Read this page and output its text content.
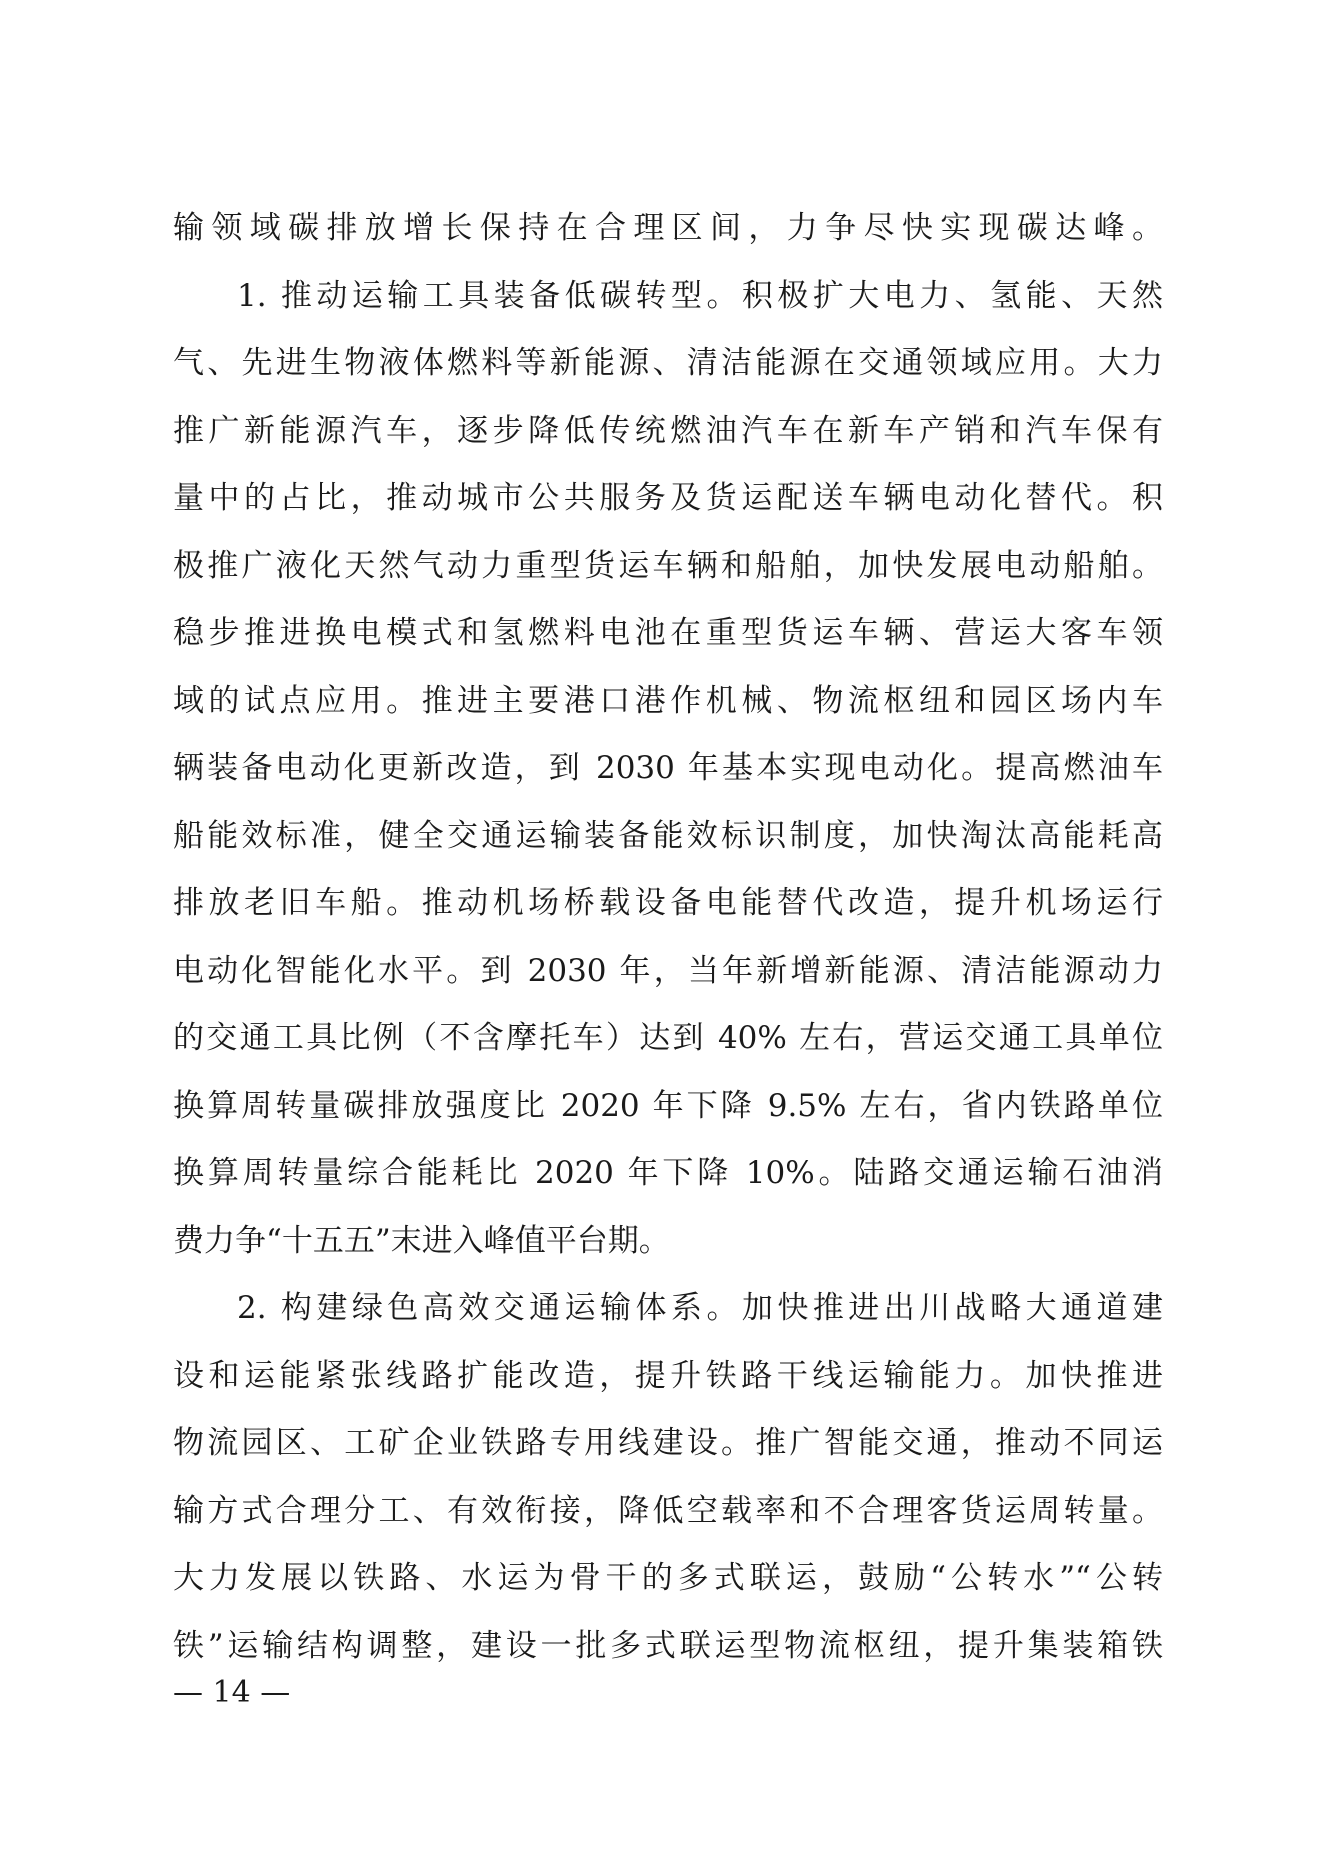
输领域碳排放增长保持在合理区间，力争尽快实现碳达峰。
1. 推动运输工具装备低碳转型。积极扩大电力、氢能、天然
气、先进生物液体燃料等新能源、清洁能源在交通领域应用。大力
推广新能源汽车，逐步降低传统燃油汽车在新车产销和汽车保有
量中的占比，推动城市公共服务及货运配送车辆电动化替代。积
极推广液化天然气动力重型货运车辆和船舶，加快发展电动船舶。
稳步推进换电模式和氢燃料电池在重型货运车辆、营运大客车领
域的试点应用。推进主要港口港作机械、物流枢纽和园区场内车
辆装备电动化更新改造，到 2030 年基本实现电动化。提高燃油车
船能效标准，健全交通运输装备能效标识制度，加快淘汰高能耗高
排放老旧车船。推动机场桥载设备电能替代改造，提升机场运行
电动化智能化水平。到 2030 年，当年新增新能源、清洁能源动力
的交通工具比例（不含摩托车）达到 40% 左右，营运交通工具单位
换算周转量碳排放强度比 2020 年下降 9.5% 左右，省内铁路单位
换算周转量综合能耗比 2020 年下降 10%。陆路交通运输石油消
费力争“十五五”末进入峰值平台期。
2. 构建绿色高效交通运输体系。加快推进出川战略大通道建
设和运能紧张线路扩能改造，提升铁路干线运输能力。加快推进
物流园区、工矿企业铁路专用线建设。推广智能交通，推动不同运
输方式合理分工、有效衔接，降低空载率和不合理客货运周转量。
大力发展以铁路、水运为骨干的多式联运，鼓励“公转水”“公转
铁”运输结构调整，建设一批多式联运型物流枢纽，提升集装箱铁
— 14 —
